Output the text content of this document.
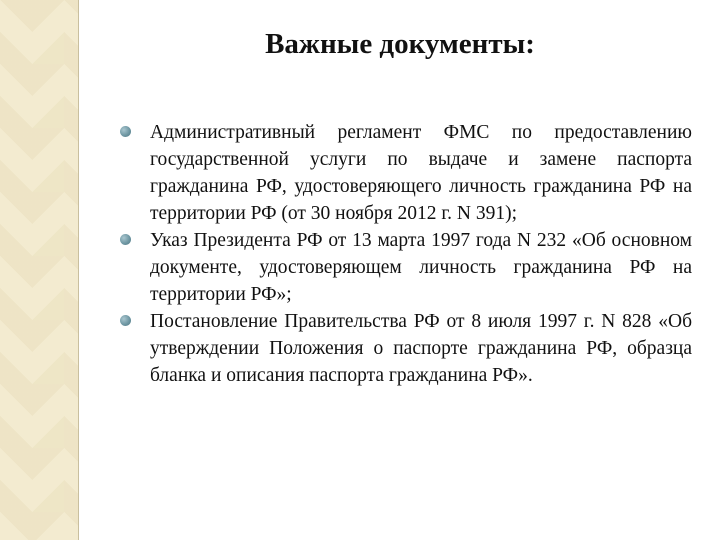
Важные документы:
Административный регламент ФМС по предоставлению государственной услуги по выдаче и замене паспорта гражданина РФ, удостоверяющего личность гражданина РФ на территории РФ (от 30 ноября 2012 г. N 391);
Указ Президента РФ от 13 марта 1997 года N 232 «Об основном документе, удостоверяющем личность гражданина РФ на территории РФ»;
Постановление Правительства РФ от 8 июля 1997 г. N 828 «Об утверждении Положения о паспорте гражданина РФ, образца бланка и описания паспорта гражданина РФ».
